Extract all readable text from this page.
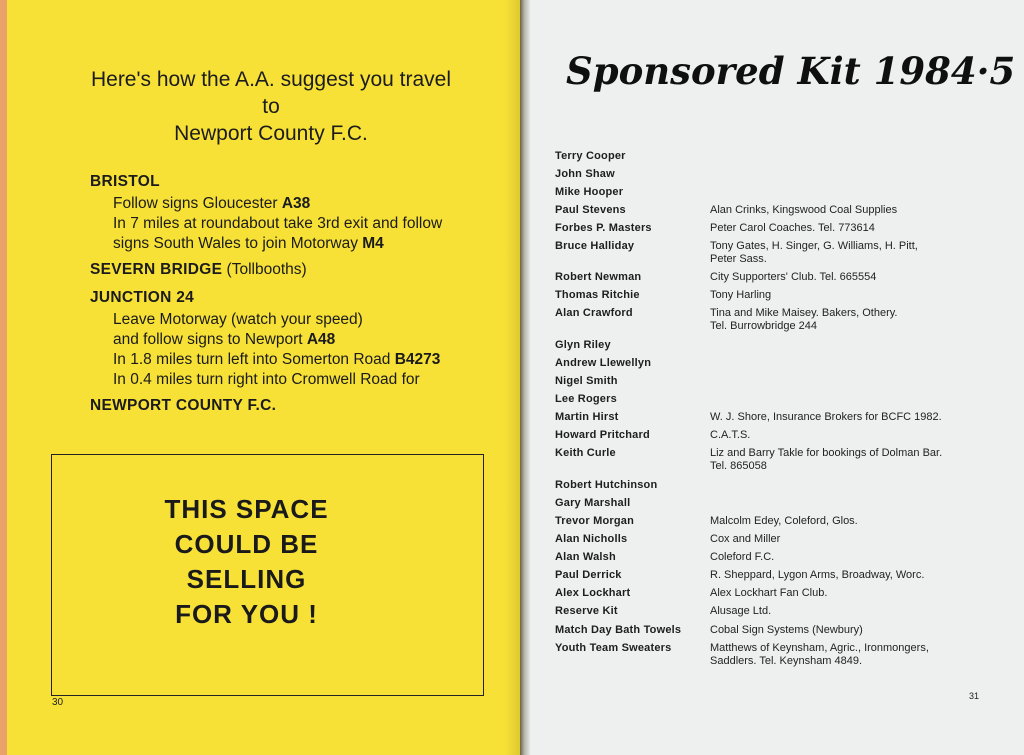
Here's how the A.A. suggest you travel
to
Newport County F.C.
BRISTOL
Follow signs Gloucester A38
In 7 miles at roundabout take 3rd exit and follow
signs South Wales to join Motorway M4
SEVERN BRIDGE (Tollbooths)
JUNCTION 24
Leave Motorway (watch your speed)
and follow signs to Newport A48
In 1.8 miles turn left into Somerton Road B4273
In 0.4 miles turn right into Cromwell Road for
NEWPORT COUNTY F.C.
THIS SPACE
COULD BE
SELLING
FOR YOU !
30
Sponsored Kit 1984·5
Terry Cooper
John Shaw
Mike Hooper
Paul Stevens	Alan Crinks, Kingswood Coal Supplies
Forbes P. Masters	Peter Carol Coaches. Tel. 773614
Bruce Halliday	Tony Gates, H. Singer, G. Williams, H. Pitt,
Peter Sass.
Robert Newman	City Supporters' Club. Tel. 665554
Thomas Ritchie	Tony Harling
Alan Crawford	Tina and Mike Maisey. Bakers, Othery.
Tel. Burrowbridge 244
Glyn Riley
Andrew Llewellyn
Nigel Smith
Lee Rogers
Martin Hirst	W. J. Shore, Insurance Brokers for BCFC 1982.
Howard Pritchard	C.A.T.S.
Keith Curle	Liz and Barry Takle for bookings of Dolman Bar.
Tel. 865058
Robert Hutchinson
Gary Marshall
Trevor Morgan	Malcolm Edey, Coleford, Glos.
Alan Nicholls	Cox and Miller
Alan Walsh	Coleford F.C.
Paul Derrick	R. Sheppard, Lygon Arms, Broadway, Worc.
Alex Lockhart	Alex Lockhart Fan Club.
Reserve Kit	Alusage Ltd.
Match Day Bath Towels	Cobal Sign Systems (Newbury)
Youth Team Sweaters	Matthews of Keynsham, Agric., Ironmongers,
Saddlers. Tel. Keynsham 4849.
31
